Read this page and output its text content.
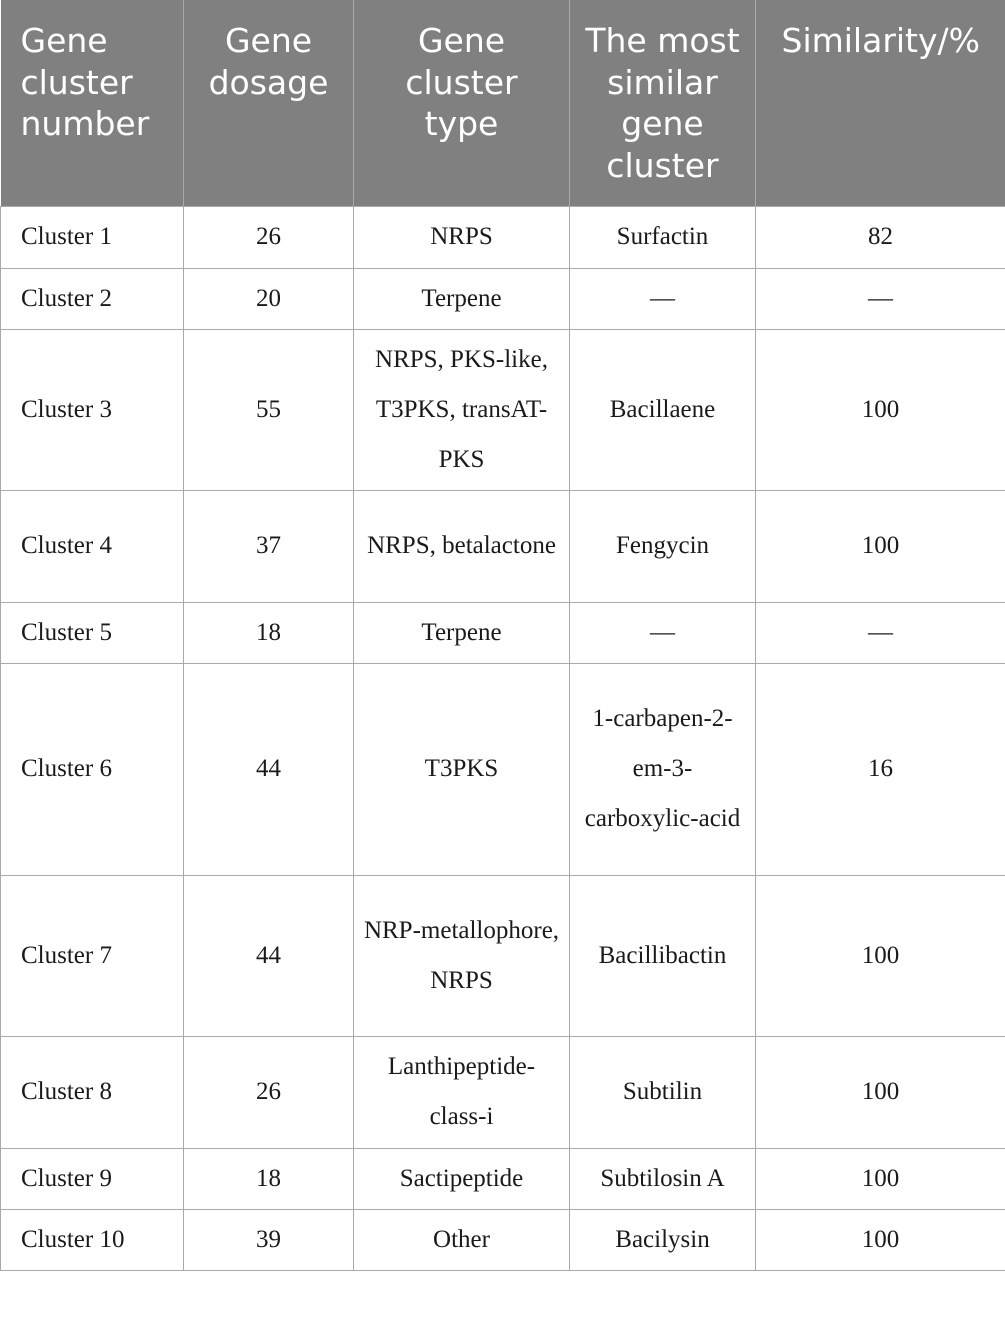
Gene cluster number	Gene dosage	Gene cluster type	The most similar gene cluster	Similarity/%
Cluster 1	26	NRPS	Surfactin	82
Cluster 2	20	Terpene	—	—
Cluster 3	55	NRPS, PKS-like, T3PKS, transAT-PKS	Bacillaene	100
Cluster 4	37	NRPS, betalactone	Fengycin	100
Cluster 5	18	Terpene	—	—
Cluster 6	44	T3PKS	1-carbapen-2-em-3-carboxylic-acid	16
Cluster 7	44	NRP-metallophore, NRPS	Bacillibactin	100
Cluster 8	26	Lanthipeptide-class-i	Subtilin	100
Cluster 9	18	Sactipeptide	Subtilosin A	100
Cluster 10	39	Other	Bacilysin	100
